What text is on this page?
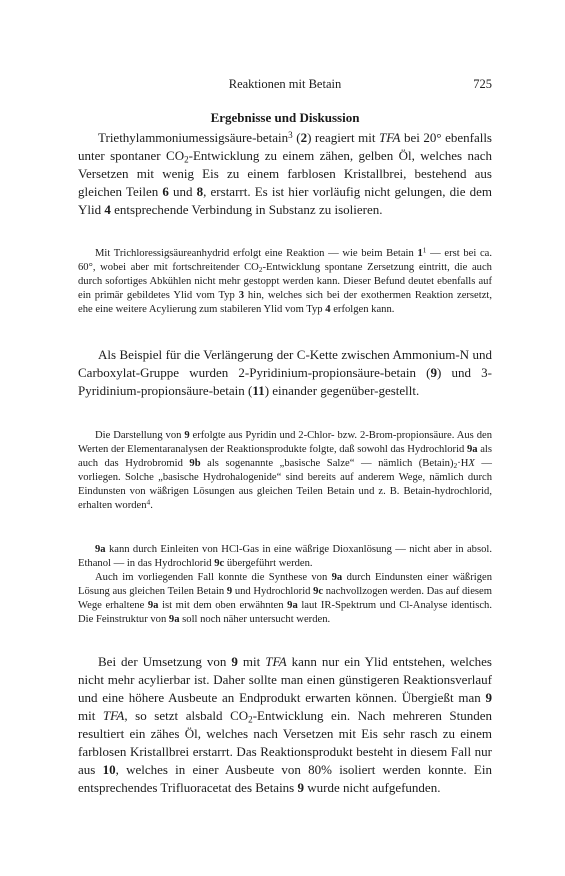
Reaktionen mit Betain	725
Ergebnisse und Diskussion

Triethylammoniumessigsäure-betain$^3$ (2) reagiert mit TFA bei 20° ebenfalls unter spontaner $CO_2$-Entwicklung zu einem zähen, gelben Öl, welches nach Versetzen mit wenig Eis zu einem farblosen Kristallbrei, bestehend aus gleichen Teilen 6 und 8, erstarrt. Es ist hier vorläufig nicht gelungen, die dem Ylid 4 entsprechende Verbindung in Substanz zu isolieren.

Mit Trichloressigsäureanhydrid erfolgt eine Reaktion — wie beim Betain $1^1$ — erst bei ca. 60°, wobei aber mit fortschreitender $CO_2$-Entwicklung spontane Zersetzung eintritt, die auch durch sofortiges Abkühlen nicht mehr gestoppt werden kann. Dieser Befund deutet ebenfalls auf ein primär gebildetes Ylid vom Typ 3 hin, welches sich bei der exothermen Reaktion zersetzt, ehe eine weitere Acylierung zum stabileren Ylid vom Typ 4 erfolgen kann.

Als Beispiel für die Verlängerung der C-Kette zwischen Ammonium-N und Carboxylat-Gruppe wurden 2-Pyridinium-propionsäure-betain (9) und 3-Pyridinium-propionsäure-betain (11) einander gegenüber-gestellt.

Die Darstellung von 9 erfolgte aus Pyridin und 2-Chlor- bzw. 2-Brom-propionsäure. Aus den Werten der Elementaranalysen der Reaktionsprodukte folgte, daß sowohl das Hydrochlorid 9a als auch das Hydrobromid 9b als sogenannte „basische Salze“ — nämlich $(Betain)_2\cdot HX$ — vorliegen. Solche „basische Hydrohalogenide“ sind bereits auf anderem Wege, nämlich durch Eindunsten von wäßrigen Lösungen aus gleichen Teilen Betain und z. B. Betain-hydrochlorid, erhalten worden$^4$.

9a kann durch Einleiten von HCl-Gas in eine wäßrige Dioxanlösung — nicht aber in absol. Ethanol — in das Hydrochlorid 9c übergeführt werden.

Auch im vorliegenden Fall konnte die Synthese von 9a durch Eindunsten einer wäßrigen Lösung aus gleichen Teilen Betain 9 und Hydrochlorid 9c nachvollzogen werden. Das auf diesem Wege erhaltene 9a ist mit dem oben erwähnten 9a laut IR-Spektrum und Cl-Analyse identisch. Die Feinstruktur von 9a soll noch näher untersucht werden.

Bei der Umsetzung von 9 mit TFA kann nur ein Ylid entstehen, welches nicht mehr acylierbar ist. Daher sollte man einen günstigeren Reaktionsverlauf und eine höhere Ausbeute an Endprodukt erwarten können. Übergießt man 9 mit TFA, so setzt alsbald $CO_2$-Entwicklung ein. Nach mehreren Stunden resultiert ein zähes Öl, welches nach Versetzen mit Eis sehr rasch zu einem farblosen Kristallbrei erstarrt. Das Reaktionsprodukt besteht in diesem Fall nur aus 10, welches in einer Ausbeute von 80% isoliert werden konnte. Ein entsprechendes Trifluoracetat des Betains 9 wurde nicht aufgefunden.
